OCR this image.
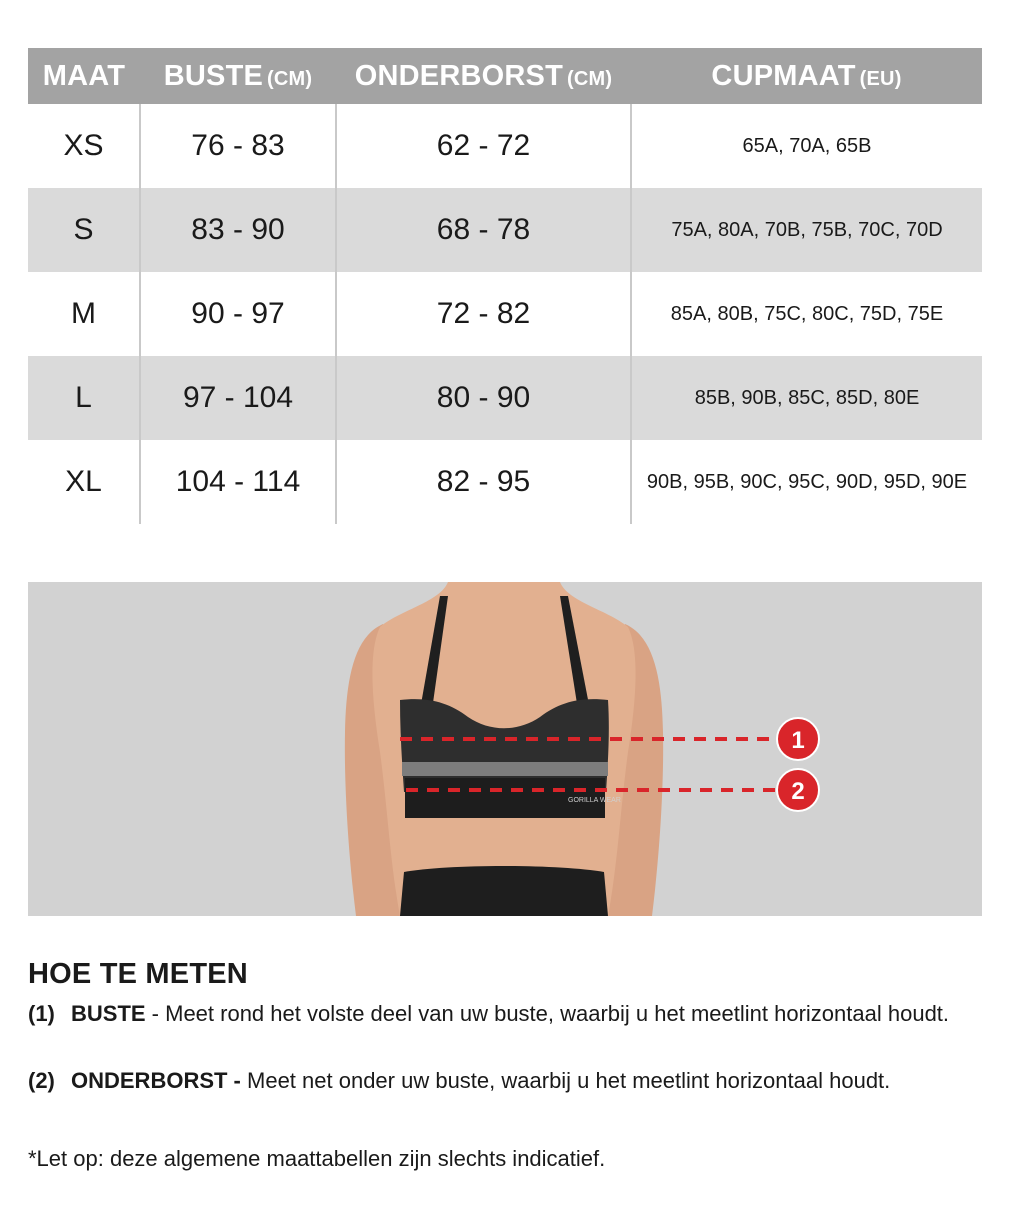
MAAT	BUSTE (CM)	ONDERBORST (CM)	CUPMAAT (EU)
XS	76 - 83	62 - 72	65A, 70A, 65B
S	83 - 90	68 - 78	75A, 80A, 70B, 75B, 70C, 70D
M	90 - 97	72 - 82	85A, 80B, 75C, 80C, 75D, 75E
L	97 - 104	80 - 90	85B, 90B, 85C, 85D, 80E
XL	104 - 114	82 - 95	90B, 95B, 90C, 95C, 90D, 95D, 90E
GORILLA WEAR
1
2
HOE TE METEN
(1) BUSTE - Meet rond het volste deel van uw buste, waarbij u het meetlint horizontaal houdt.
(2) ONDERBORST - Meet net onder uw buste, waarbij u het meetlint horizontaal houdt.
*Let op: deze algemene maattabellen zijn slechts indicatief.
